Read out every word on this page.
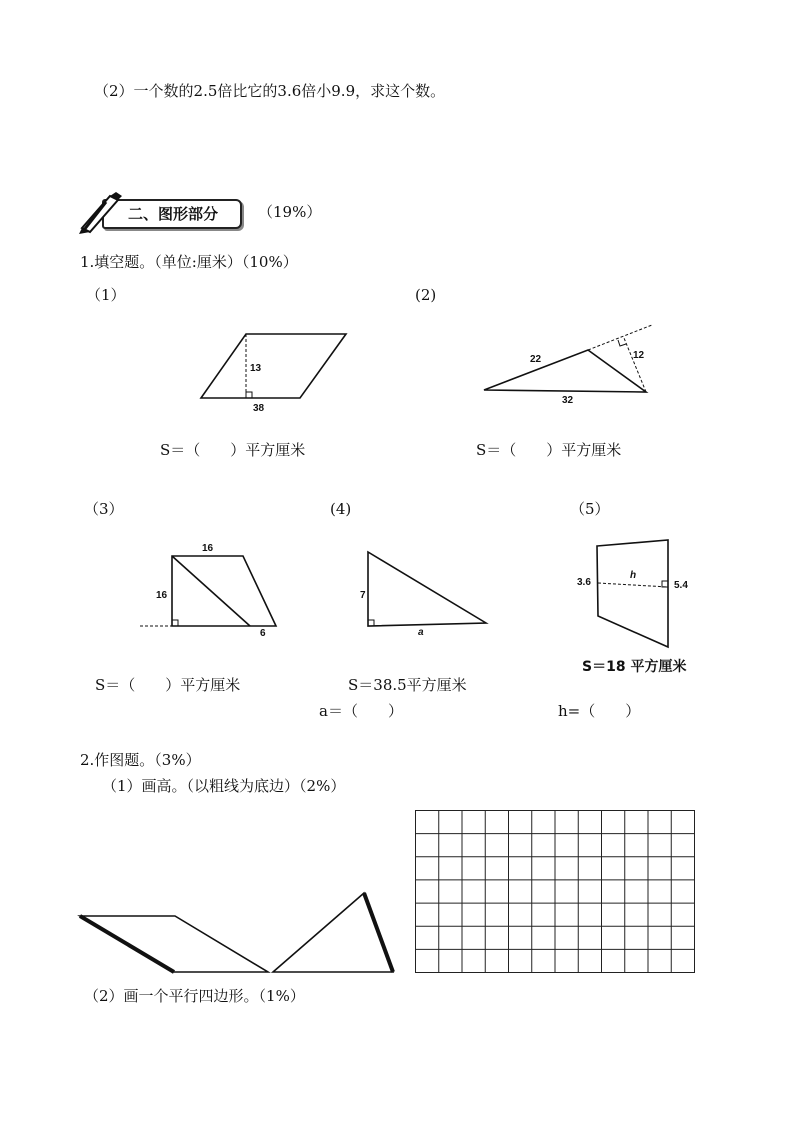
（2）一个数的2.5倍比它的3.6倍小9.9，求这个数。
二、图形部分	（19%）
1.填空题。（单位:厘米）（10%）
（1）	(2)
（3）	(4)	（5）
13
38
22
32
12
16
16
6
7
a
3.6	5.4
h
S＝（　　）平方厘米	S＝（　　）平方厘米
S＝（　　）平方厘米	S＝38.5平方厘米
a＝（　　）
S＝18 平方厘米
h=（　　）
2.作图题。（3%）
（1）画高。（以粗线为底边）（2%）
（2）画一个平行四边形。（1%）
